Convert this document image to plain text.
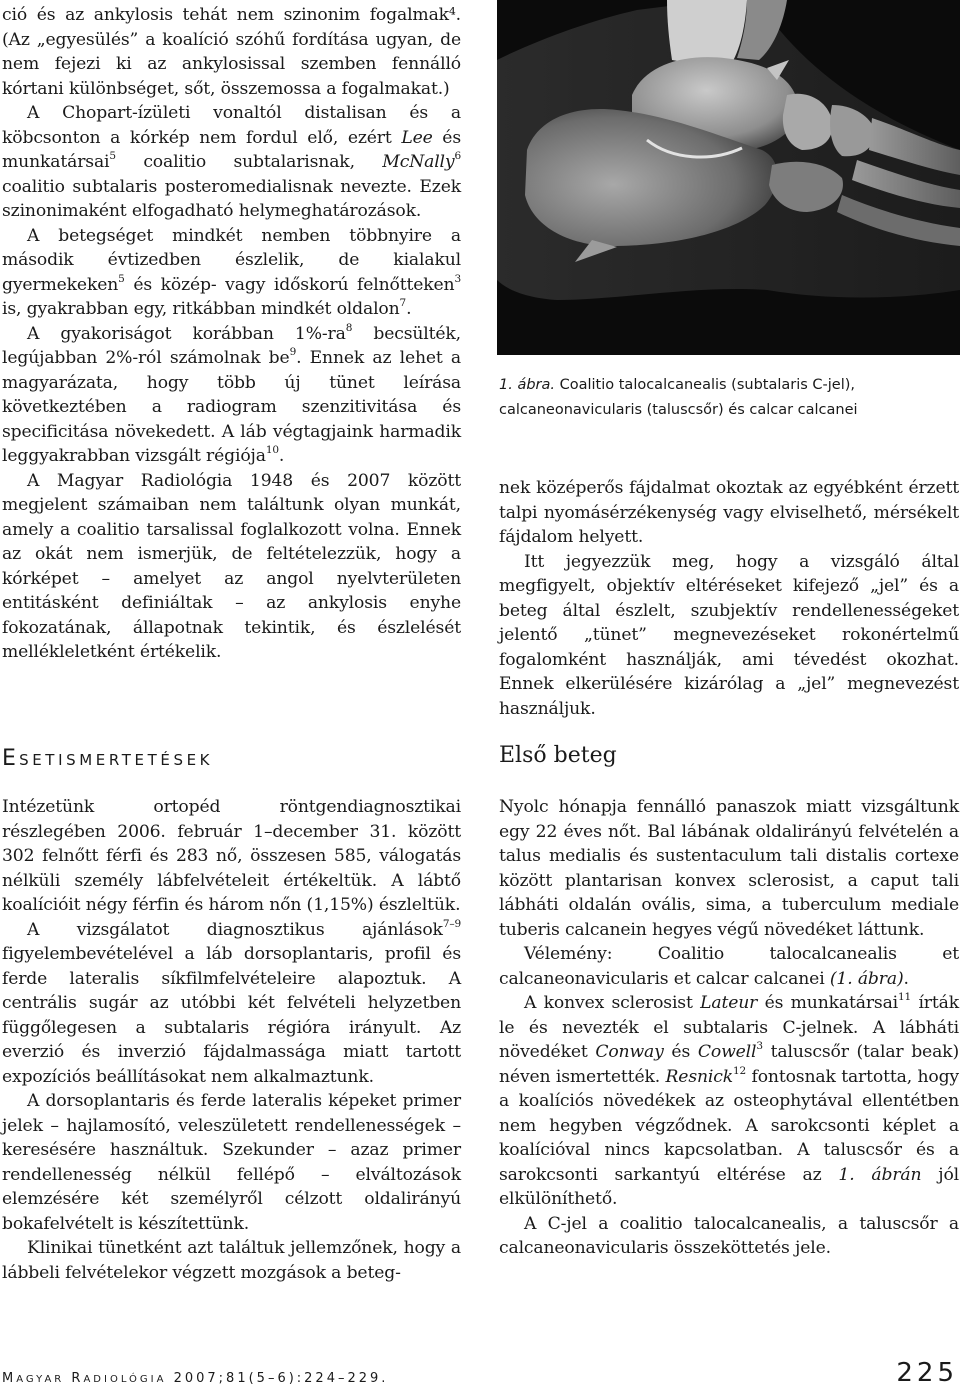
ció és az ankylosis tehát nem szinonim fogalmak⁴. (Az „egyesülés” a koalíció szóhű fordítása ugyan, de nem fejezi ki az ankylosissal szemben fennálló kórtani különbséget, sőt, összemossa a fogalmakat.)

A Chopart-ízületi vonaltól distalisan és a köbcsonton a kórkép nem fordul elő, ezért Lee és munkatársai$^5$ coalitio subtalarisnak, McNally$^6$ coalitio subtalaris posteromedialisnak nevezte. Ezek szinonimaként elfogadható helymeghatározások.

A betegséget mindkét nemben többnyire a második évtizedben észlelik, de kialakul gyermekeken$^5$ és közép- vagy időskorú felnőtteken$^3$ is, gyakrabban egy, ritkábban mindkét oldalon$^7$.

A gyakoriságot korábban $1\%-ra^8$ becsülték, legújabban 2%-ról számolnak $be^9$. Ennek az lehet a magyarázata, hogy több új tünet leírása következtében a radiogram szenzitivitása és specificitása növekedett. A láb végtagjaink harmadik leggyakrabban vizsgált régiója$^{10}$.

A Magyar Radiológia 1948 és 2007 között megjelent számaiban nem találtunk olyan munkát, amely a coalitio tarsalissal foglalkozott volna. Ennek az okát nem ismerjük, de feltételezzük, hogy a kórképet – amelyet az angol nyelvterületen entitásként definiáltak – az ankylosis enyhe fokozatának, állapotnak tekintik, és észlelését mellékleletként értékelik.

1. ábra. Coalitio talocalcanealis (subtalaris C-jel), calcaneonavicularis (taluscsőr) és calcar calcanei

nek középerős fájdalmat okoztak az egyébként érzett talpi nyomásérzékenység vagy elviselhető, mérsékelt fájdalom helyett.

Itt jegyezzük meg, hogy a vizsgáló által megfigyelt, objektív eltéréseket kifejező „jel” és a beteg által észlelt, szubjektív rendellenességeket jelentő „tünet” megnevezéseket rokonértelmű fogalomként használják, ami tévedést okozhat. Ennek elkerülésére kizárólag a „jel” megnevezést használjuk.

ESETISMERTETÉSEK	Első beteg

Intézetünk ortopéd röntgendiagnosztikai részlegében 2006. február 1–december 31. között 302 felnőtt férfi és 283 nő, összesen 585, válogatás nélküli személy lábfelvételeit értékeltük. A lábtő koalícióit négy férfin és három nőn (1,15%) észleltük.

A vizsgálatot diagnosztikus ajánlások$^{7-9}$ figyelembevételével a láb dorsoplantaris, profil és ferde lateralis síkfilmfelvételeire alapoztuk. A centrális sugár az utóbbi két felvételi helyzetben függőlegesen a subtalaris régióra irányult. Az everzió és inverzió fájdalmassága miatt tartott expozíciós beállításokat nem alkalmaztunk.

A dorsoplantaris és ferde lateralis képeket primer jelek – hajlamosító, veleszületett rendellenességek – keresésére használtuk. Szekunder – azaz primer rendellenesség nélkül fellépő – elváltozások elemzésére két személyről célzott oldalirányú bokafelvételt is készítettünk.

Klinikai tünetként azt találtuk jellemzőnek, hogy a lábbeli felvételekor végzett mozgások a beteg-

Nyolc hónapja fennálló panaszok miatt vizsgáltunk egy 22 éves nőt. Bal lábának oldalirányú felvételén a talus medialis és sustentaculum tali distalis cortexe között plantarisan konvex sclerosist, a caput tali lábháti oldalán ovális, sima, a tuberculum mediale tuberis calcanein hegyes végű növedéket láttunk.

Vélemény: Coalitio talocalcanealis et calcaneonavicularis et calcar calcanei (1. ábra).

A konvex sclerosist Lateur és munkatársai$^{11}$ írták le és nevezték el subtalaris C-jelnek. A lábháti növedéket Conway és Cowell$^3$ taluscsőr (talar beak) néven ismertették. Resnick$^{12}$ fontosnak tartotta, hogy a koalíciós növedékek az osteophytával ellentétben nem hegyben végződnek. A sarokcsonti képlet a koalícióval nincs kapcsolatban. A taluscsőr és a sarokcsonti sarkantyú eltérése az 1. ábrán jól elkülöníthető.

A C-jel a coalitio talocalcanealis, a taluscsőr a calcaneonavicularis összeköttetés jele.

MAGYAR RADIOLÓGIA 2007;81(5–6):224–229.	225
